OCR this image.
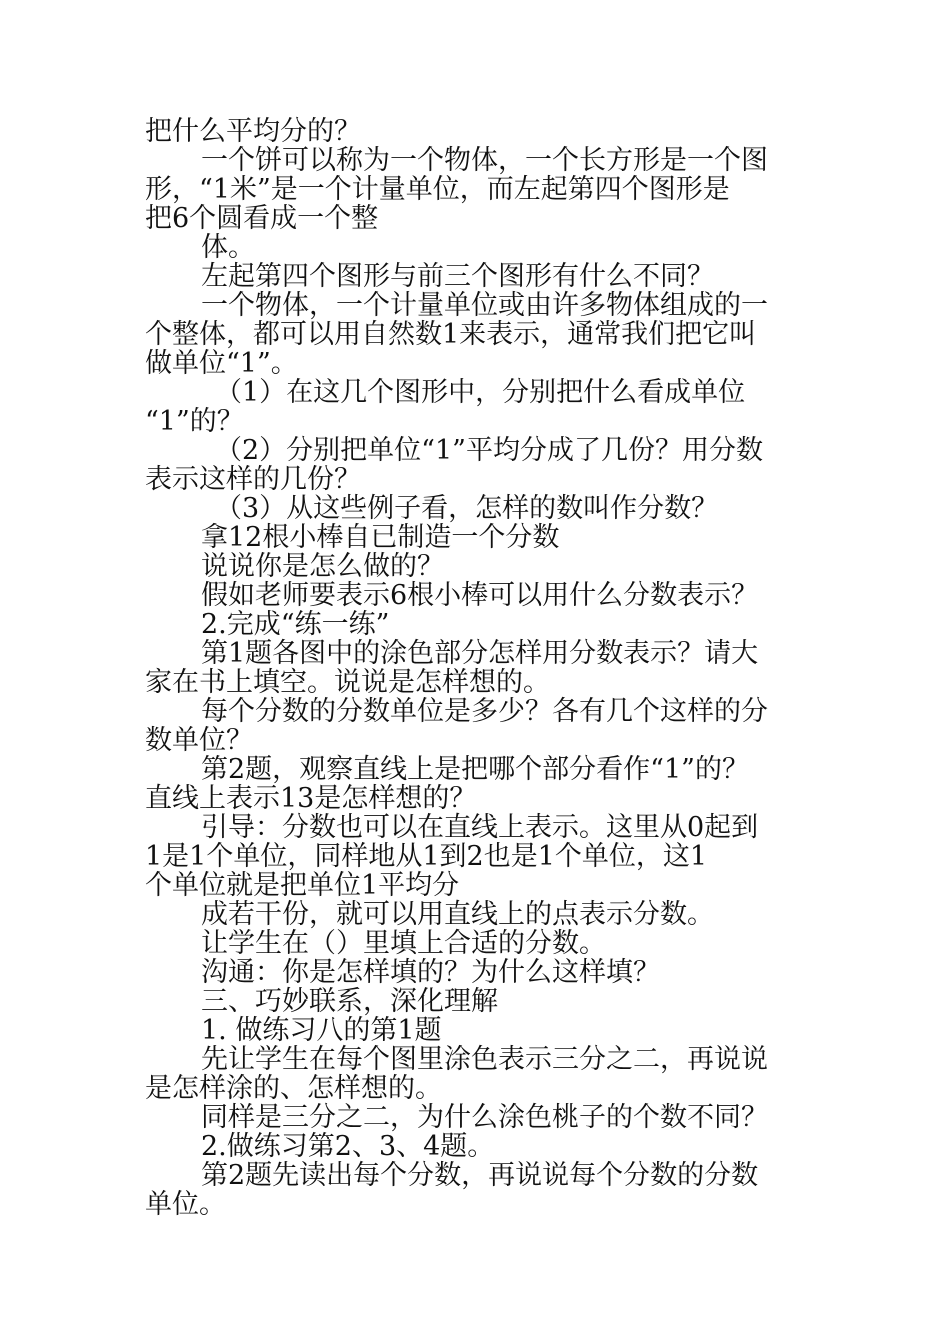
把什么平均分的？
一个饼可以称为一个物体，一个长方形是一个图
形，“1米”是一个计量单位，而左起第四个图形是
把6个圆看成一个整
体。
左起第四个图形与前三个图形有什么不同？
一个物体，一个计量单位或由许多物体组成的一
个整体，都可以用自然数1来表示，通常我们把它叫
做单位“1”。
（1）在这几个图形中，分别把什么看成单位
“1”的？
（2）分别把单位“1”平均分成了几份？用分数
表示这样的几份？
（3）从这些例子看，怎样的数叫作分数？
拿12根小棒自已制造一个分数
说说你是怎么做的？
假如老师要表示6根小棒可以用什么分数表示？
2.完成“练一练”
第1题各图中的涂色部分怎样用分数表示？请大
家在书上填空。说说是怎样想的。
每个分数的分数单位是多少？各有几个这样的分
数单位？
第2题，观察直线上是把哪个部分看作“1”的？
直线上表示13是怎样想的？
引导：分数也可以在直线上表示。这里从0起到
1是1个单位，同样地从1到2也是1个单位，这1
个单位就是把单位1平均分
成若干份，就可以用直线上的点表示分数。
让学生在（）里填上合适的分数。
沟通：你是怎样填的？为什么这样填？
三、巧妙联系，深化理解
1. 做练习八的第1题
先让学生在每个图里涂色表示三分之二，再说说
是怎样涂的、怎样想的。
同样是三分之二，为什么涂色桃子的个数不同？
2.做练习第2、3、4题。
第2题先读出每个分数，再说说每个分数的分数
单位。
